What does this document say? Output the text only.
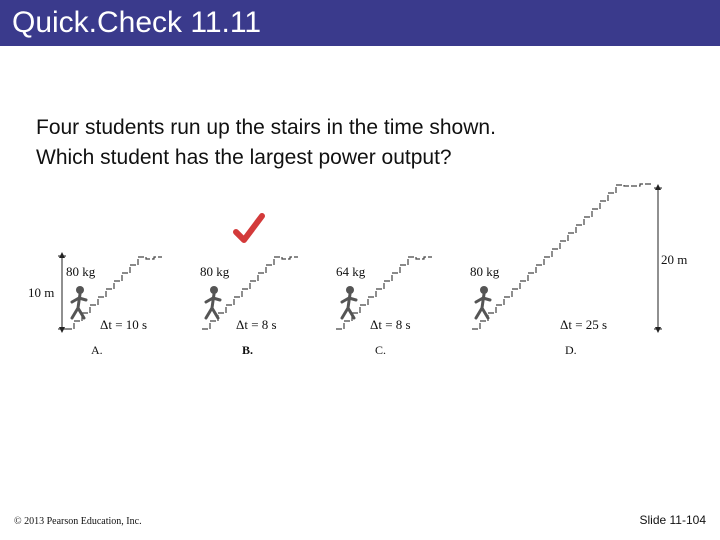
Quick.Check 11.11
Four students run up the stairs in the time shown.
Which student has the largest power output?
10 m
80 kg
Δt = 10 s
A.
80 kg
Δt = 8 s
B.
64 kg
Δt = 8 s
C.
20 m
80 kg
Δt = 25 s
D.
© 2013 Pearson Education, Inc.	Slide 11-104
